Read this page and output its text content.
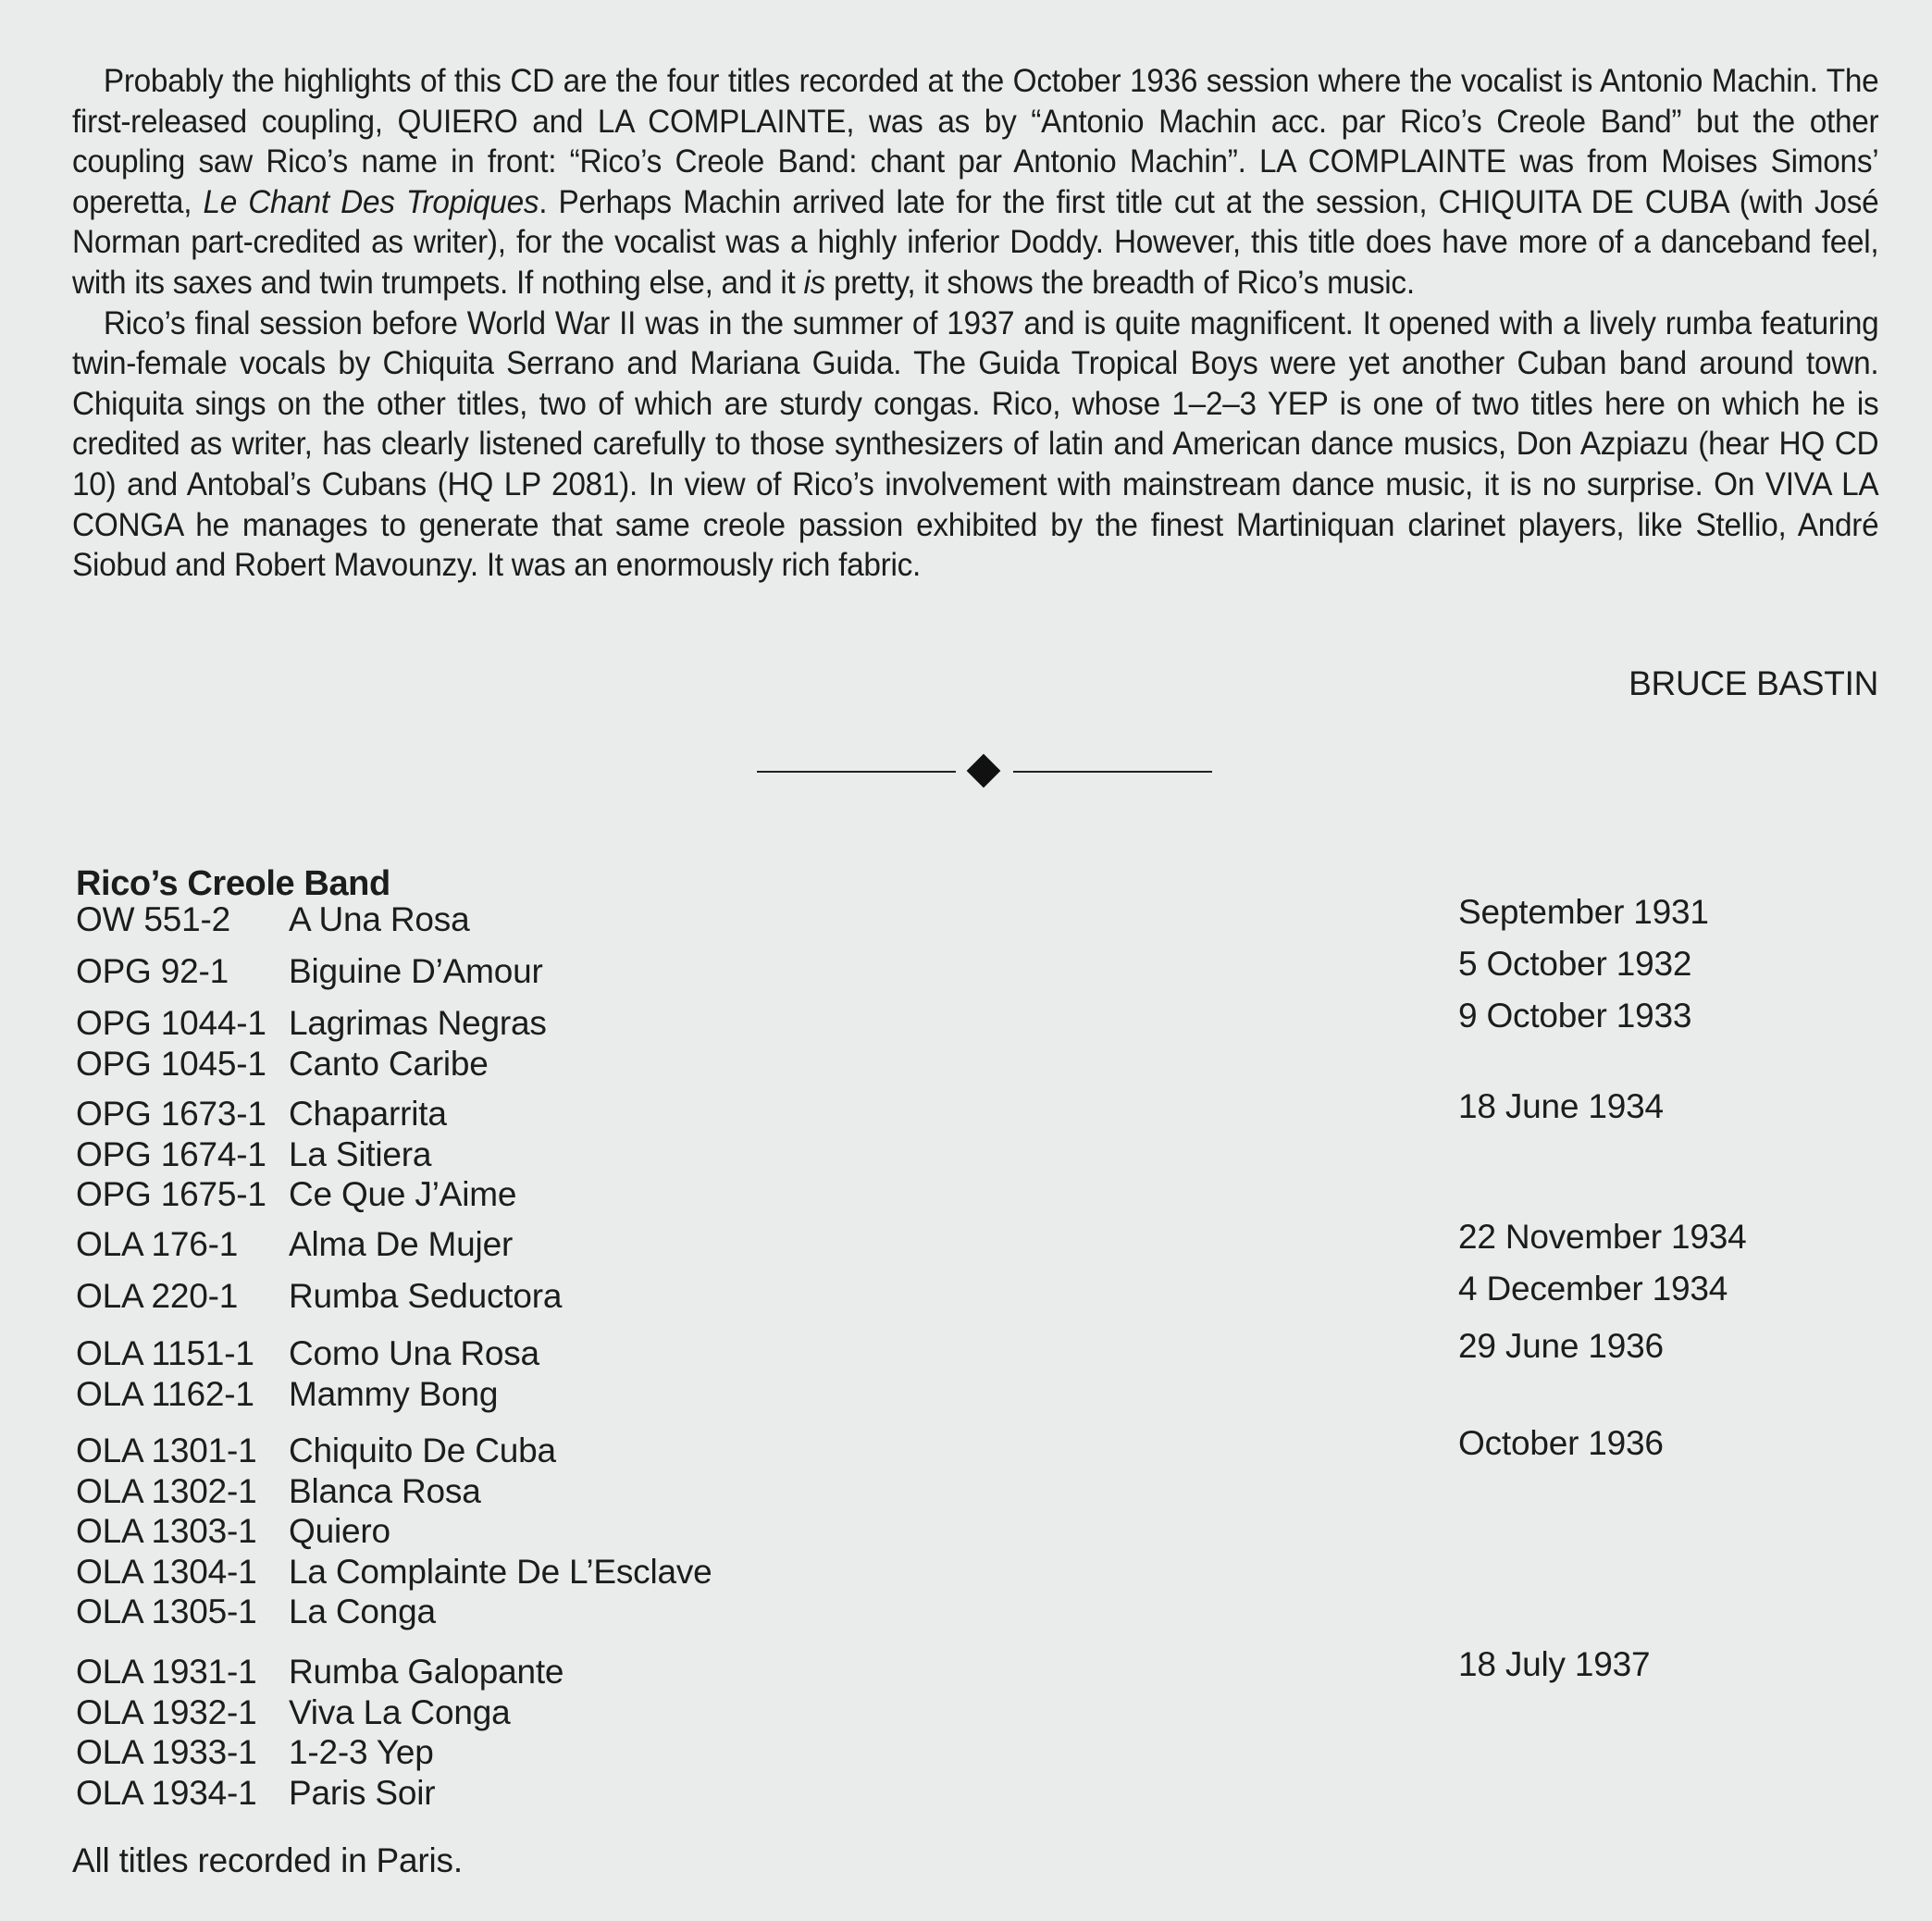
Probably the highlights of this CD are the four titles recorded at the October 1936 session where the vocalist is Antonio Machin. The first-released coupling, QUIERO and LA COMPLAINTE, was as by “Antonio Machin acc. par Rico’s Creole Band” but the other coupling saw Rico’s name in front: “Rico’s Creole Band: chant par Antonio Machin”. LA COMPLAINTE was from Moises Simons’ operetta, Le Chant Des Tropiques. Perhaps Machin arrived late for the first title cut at the session, CHIQUITA DE CUBA (with José Norman part-credited as writer), for the vocalist was a highly inferior Doddy. However, this title does have more of a danceband feel, with its saxes and twin trumpets. If nothing else, and it is pretty, it shows the breadth of Rico’s music.

Rico’s final session before World War II was in the summer of 1937 and is quite magnificent. It opened with a lively rumba featuring twin-female vocals by Chiquita Serrano and Mariana Guida. The Guida Tropical Boys were yet another Cuban band around town. Chiquita sings on the other titles, two of which are sturdy congas. Rico, whose 1–2–3 YEP is one of two titles here on which he is credited as writer, has clearly listened carefully to those synthesizers of latin and American dance musics, Don Azpiazu (hear HQ CD 10) and Antobal’s Cubans (HQ LP 2081). In view of Rico’s involvement with mainstream dance music, it is no surprise. On VIVA LA CONGA he manages to generate that same creole passion exhibited by the finest Martiniquan clarinet players, like Stellio, André Siobud and Robert Mavounzy. It was an enormously rich fabric.

BRUCE BASTIN
Rico’s Creole Band
OW 551-2 A Una Rosa	September 1931
OPG 92-1 Biguine D’Amour	5 October 1932
OPG 1044-1 Lagrimas Negras	9 October 1933
OPG 1045-1 Canto Caribe
OPG 1673-1 Chaparrita	18 June 1934
OPG 1674-1 La Sitiera
OPG 1675-1 Ce Que J’Aime
OLA 176-1 Alma De Mujer	22 November 1934
OLA 220-1 Rumba Seductora	4 December 1934
OLA 1151-1 Como Una Rosa	29 June 1936
OLA 1162-1 Mammy Bong
OLA 1301-1 Chiquito De Cuba	October 1936
OLA 1302-1 Blanca Rosa
OLA 1303-1 Quiero
OLA 1304-1 La Complainte De L’Esclave
OLA 1305-1 La Conga
OLA 1931-1 Rumba Galopante	18 July 1937
OLA 1932-1 Viva La Conga
OLA 1933-1 1-2-3 Yep
OLA 1934-1 Paris Soir
All titles recorded in Paris.
